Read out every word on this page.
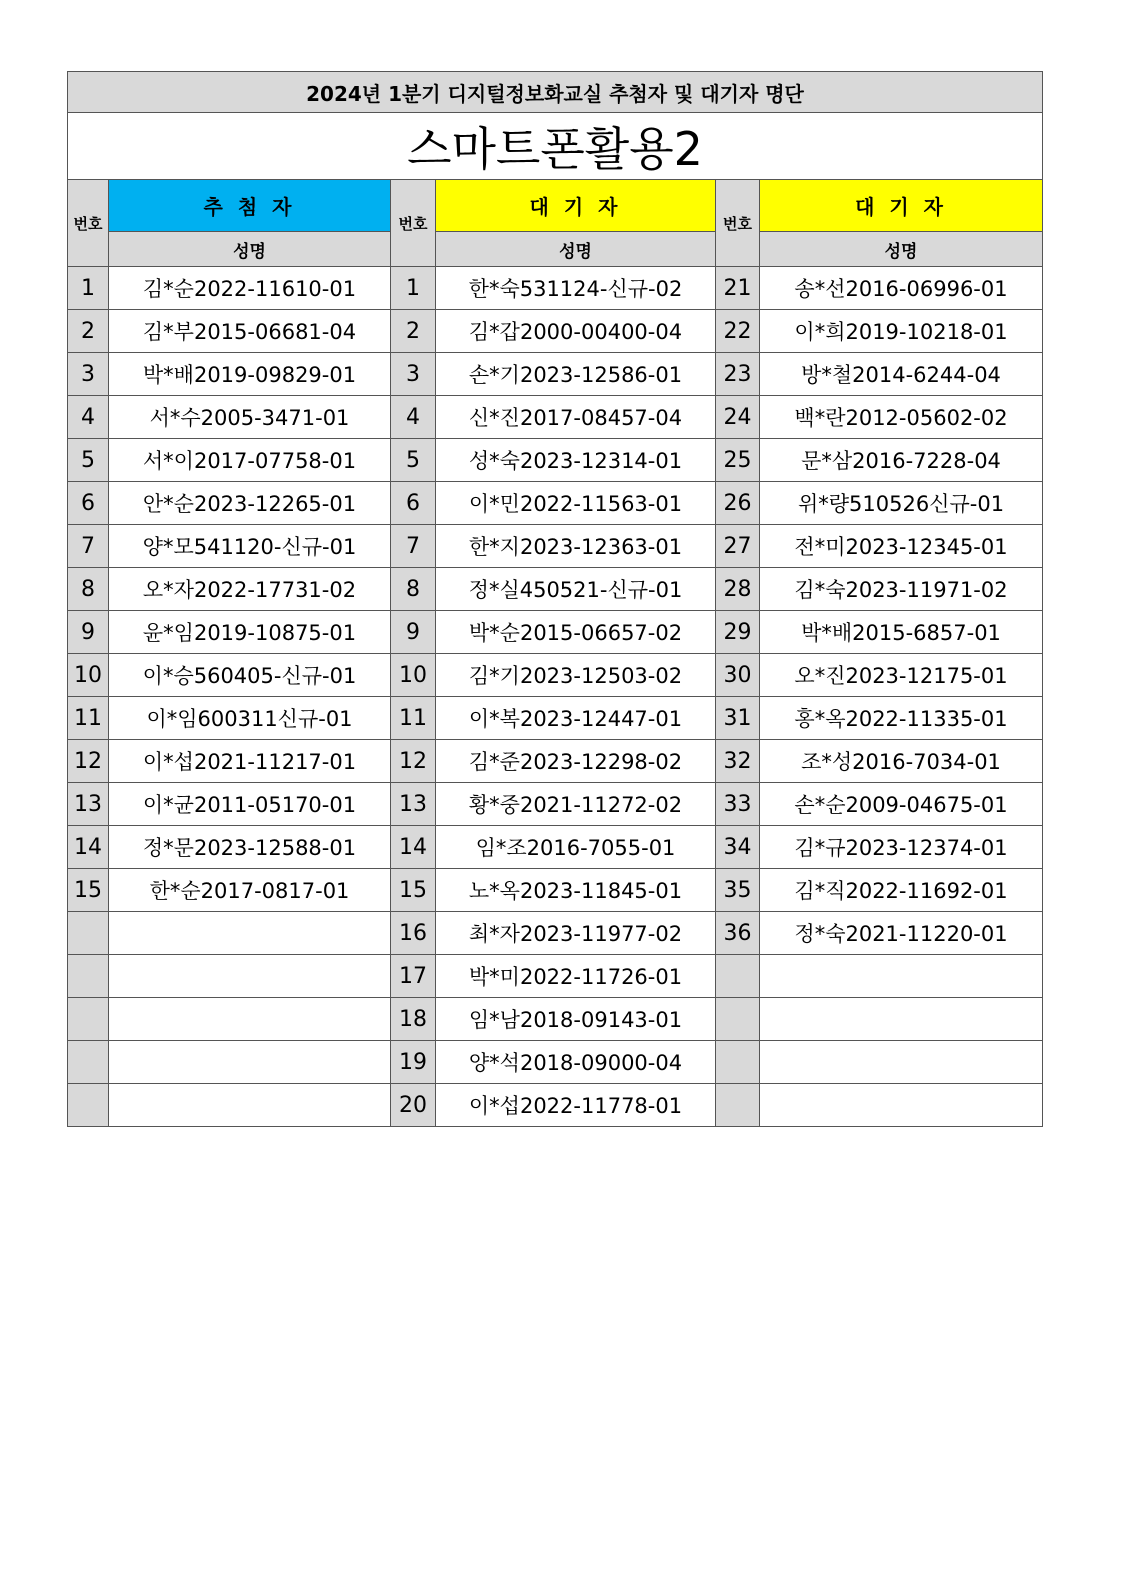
2024년 1분기 디지털정보화교실 추첨자 및 대기자 명단					
스마트폰활용2					
번호	추 첨 자	번호	대 기 자	번호	대 기 자
	성명		성명		성명
1	김*순2022-11610-01	1	한*숙531124-신규-02	21	송*선2016-06996-01
2	김*부2015-06681-04	2	김*갑2000-00400-04	22	이*희2019-10218-01
3	박*배2019-09829-01	3	손*기2023-12586-01	23	방*철2014-6244-04
4	서*수2005-3471-01	4	신*진2017-08457-04	24	백*란2012-05602-02
5	서*이2017-07758-01	5	성*숙2023-12314-01	25	문*삼2016-7228-04
6	안*순2023-12265-01	6	이*민2022-11563-01	26	위*량510526신규-01
7	양*모541120-신규-01	7	한*지2023-12363-01	27	전*미2023-12345-01
8	오*자2022-17731-02	8	정*실450521-신규-01	28	김*숙2023-11971-02
9	윤*임2019-10875-01	9	박*순2015-06657-02	29	박*배2015-6857-01
10	이*승560405-신규-01	10	김*기2023-12503-02	30	오*진2023-12175-01
11	이*임600311신규-01	11	이*복2023-12447-01	31	홍*옥2022-11335-01
12	이*섭2021-11217-01	12	김*준2023-12298-02	32	조*성2016-7034-01
13	이*균2011-05170-01	13	황*중2021-11272-02	33	손*순2009-04675-01
14	정*문2023-12588-01	14	임*조2016-7055-01	34	김*규2023-12374-01
15	한*순2017-0817-01	15	노*옥2023-11845-01	35	김*직2022-11692-01
		16	최*자2023-11977-02	36	정*숙2021-11220-01
		17	박*미2022-11726-01		
		18	임*남2018-09143-01		
		19	양*석2018-09000-04		
		20	이*섭2022-11778-01		
